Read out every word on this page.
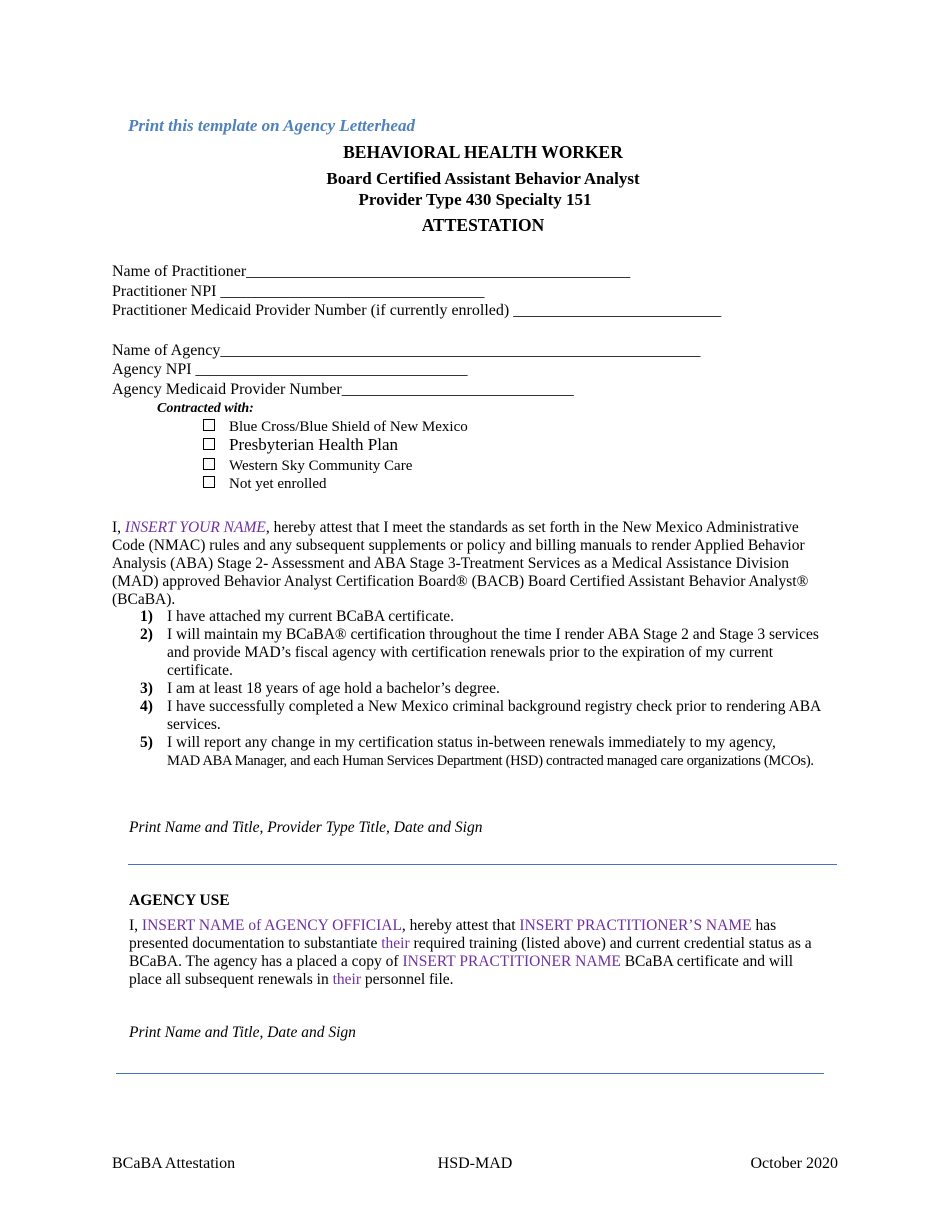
Print this template on Agency Letterhead
BEHAVIORAL HEALTH WORKER
Board Certified Assistant Behavior Analyst
Provider Type 430 Specialty 151
ATTESTATION
Name of Practitioner________________________________________________
Practitioner NPI _________________________________
Practitioner Medicaid Provider Number (if currently enrolled) __________________________
Name of Agency____________________________________________________________
Agency NPI __________________________________
Agency Medicaid Provider Number_____________________________
Contracted with:
Blue Cross/Blue Shield of New Mexico
Presbyterian Health Plan
Western Sky Community Care
Not yet enrolled
I, INSERT YOUR NAME, hereby attest that I meet the standards as set forth in the New Mexico Administrative Code (NMAC) rules and any subsequent supplements or policy and billing manuals to render Applied Behavior Analysis (ABA) Stage 2- Assessment and ABA Stage 3-Treatment Services as a Medical Assistance Division (MAD) approved Behavior Analyst Certification Board® (BACB) Board Certified Assistant Behavior Analyst® (BCaBA).
1) I have attached my current BCaBA certificate.
2) I will maintain my BCaBA® certification throughout the time I render ABA Stage 2 and Stage 3 services and provide MAD’s fiscal agency with certification renewals prior to the expiration of my current certificate.
3) I am at least 18 years of age hold a bachelor’s degree.
4) I have successfully completed a New Mexico criminal background registry check prior to rendering ABA services.
5) I will report any change in my certification status in-between renewals immediately to my agency,
MAD ABA Manager, and each Human Services Department (HSD) contracted managed care organizations (MCOs).
Print Name and Title, Provider Type Title, Date and Sign
AGENCY USE
I, INSERT NAME of AGENCY OFFICIAL, hereby attest that INSERT PRACTITIONER’S NAME has presented documentation to substantiate their required training (listed above) and current credential status as a BCaBA. The agency has a placed a copy of INSERT PRACTITIONER NAME BCaBA certificate and will place all subsequent renewals in their personnel file.
Print Name and Title, Date and Sign
BCaBA Attestation	HSD-MAD	October 2020
